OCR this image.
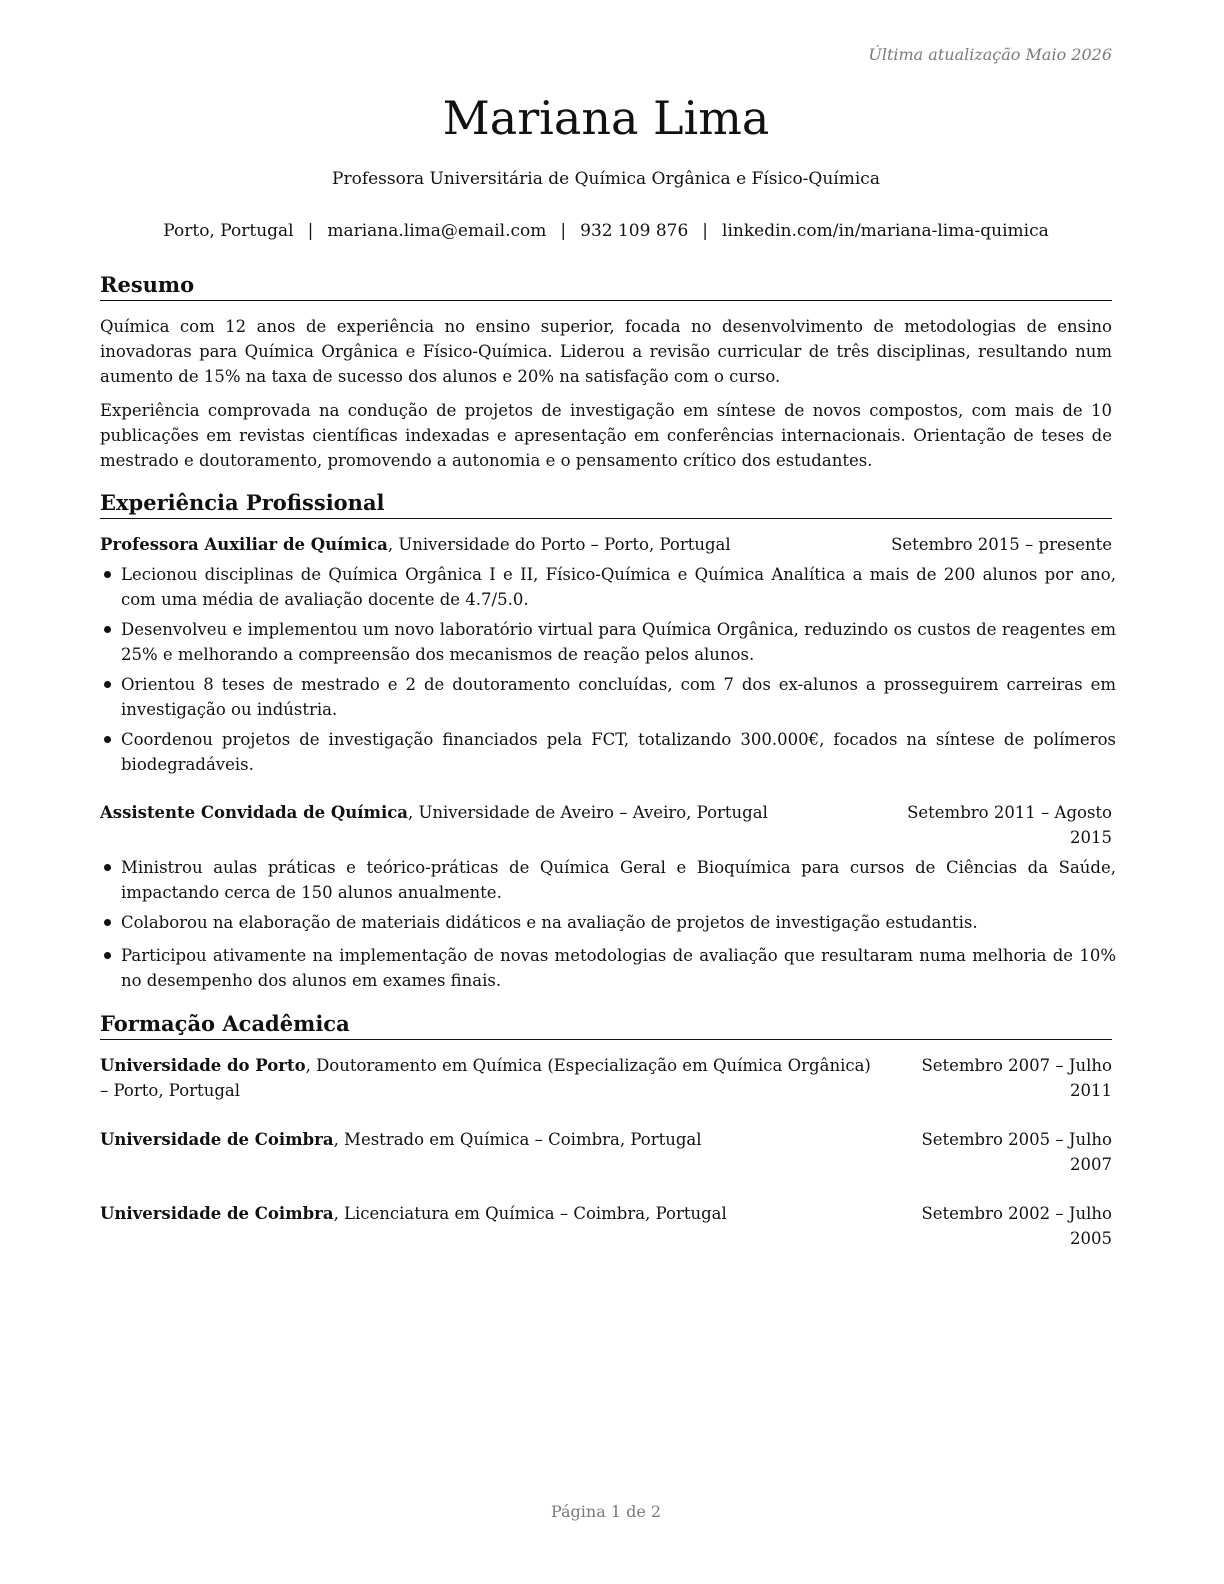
Última atualização Maio 2026
Mariana Lima
Professora Universitária de Química Orgânica e Físico-Química
Porto, Portugal | mariana.lima@email.com | 932 109 876 | linkedin.com/in/mariana-lima-quimica
Resumo
Química com 12 anos de experiência no ensino superior, focada no desenvolvimento de metodologias de ensino inovadoras para Química Orgânica e Físico-Química. Liderou a revisão curricular de três disciplinas, resultando num aumento de 15% na taxa de sucesso dos alunos e 20% na satisfação com o curso.
Experiência comprovada na condução de projetos de investigação em síntese de novos compostos, com mais de 10 publicações em revistas científicas indexadas e apresentação em conferências internacionais. Orientação de teses de mestrado e doutoramento, promovendo a autonomia e o pensamento crítico dos estudantes.
Experiência Profissional
Professora Auxiliar de Química, Universidade do Porto – Porto, Portugal	Setembro 2015 – presente
Lecionou disciplinas de Química Orgânica I e II, Físico-Química e Química Analítica a mais de 200 alunos por ano, com uma média de avaliação docente de 4.7/5.0.
Desenvolveu e implementou um novo laboratório virtual para Química Orgânica, reduzindo os custos de reagentes em 25% e melhorando a compreensão dos mecanismos de reação pelos alunos.
Orientou 8 teses de mestrado e 2 de doutoramento concluídas, com 7 dos ex-alunos a prosseguirem carreiras em investigação ou indústria.
Coordenou projetos de investigação financiados pela FCT, totalizando 300.000€, focados na síntese de polímeros biodegradáveis.
Assistente Convidada de Química, Universidade de Aveiro – Aveiro, Portugal	Setembro 2011 – Agosto
2015
Ministrou aulas práticas e teórico-práticas de Química Geral e Bioquímica para cursos de Ciências da Saúde, impactando cerca de 150 alunos anualmente.
Colaborou na elaboração de materiais didáticos e na avaliação de projetos de investigação estudantis.
Participou ativamente na implementação de novas metodologias de avaliação que resultaram numa melhoria de 10% no desempenho dos alunos em exames finais.
Formação Acadêmica
Universidade do Porto, Doutoramento em Química (Especialização em Química Orgânica)
– Porto, Portugal
Setembro 2007 – Julho
2011
Universidade de Coimbra, Mestrado em Química – Coimbra, Portugal	Setembro 2005 – Julho
2007
Universidade de Coimbra, Licenciatura em Química – Coimbra, Portugal	Setembro 2002 – Julho
2005
Página 1 de 2
